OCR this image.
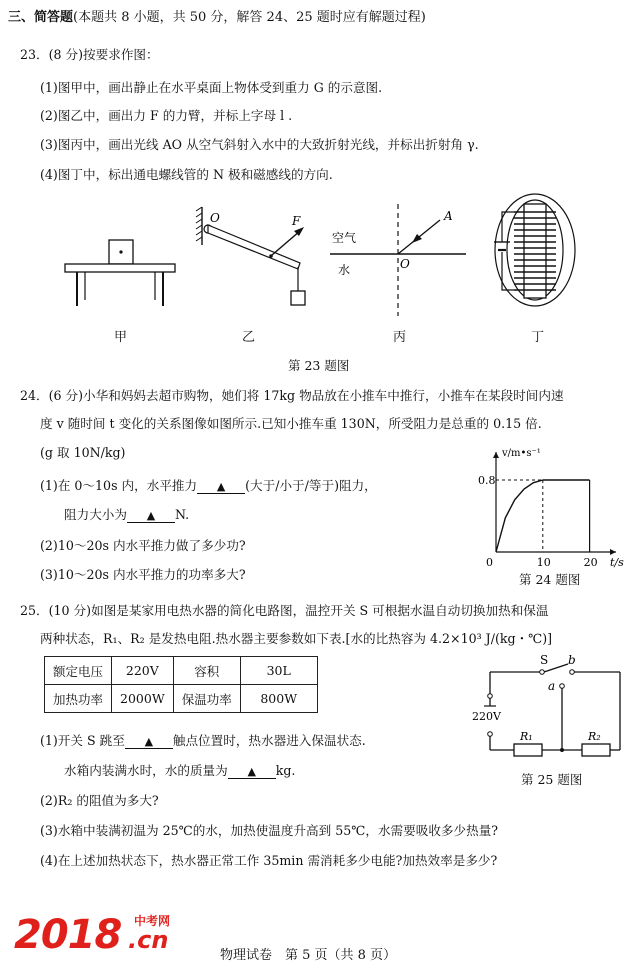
三、简答题(本题共 8 小题，共 50 分，解答 24、25 题时应有解题过程)
23．(8 分)按要求作图：
(1)图甲中，画出静止在水平桌面上物体受到重力 G 的示意图.
(2)图乙中，画出力 F 的力臂，并标上字母 l .
(3)图丙中，画出光线 AO 从空气斜射入水中的大致折射光线，并标出折射角 γ.
(4)图丁中，标出通电螺线管的 N 极和磁感线的方向.
O	F
空气
水
A
O
甲	乙	丙	丁
第 23 题图
24．(6 分)小华和妈妈去超市购物，她们将 17kg 物品放在小推车中推行，小推车在某段时间内速
度 v 随时间 t 变化的关系图像如图所示.已知小推车重 130N，所受阻力是总重的 0.15 倍.
(g 取 10N/kg)
(1)在 0～10s 内，水平推力 ▲ (大于/小于/等于)阻力，
阻力大小为 ▲ N.
(2)10～20s 内水平推力做了多少功?
(3)10～20s 内水平推力的功率多大?
0	10	20
0.8
v/m•s⁻¹
t/s
第 24 题图
25．(10 分)如图是某家用电热水器的简化电路图，温控开关 S 可根据水温自动切换加热和保温
两种状态，R₁、R₂ 是发热电阻.热水器主要参数如下表.[水的比热容为 4.2×10³ J/(kg・℃)]
额定电压	220V	容积	30L
加热功率	2000W	保温功率	800W
S b
a
220V
R₁	R₂
第 25 题图
(1)开关 S 跳至 ▲ 触点位置时，热水器进入保温状态.
水箱内装满水时，水的质量为 ▲ kg.
(2)R₂ 的阻值为多大?
(3)水箱中装满初温为 25℃的水，加热使温度升高到 55℃，水需要吸收多少热量?
(4)在上述加热状态下，热水器正常工作 35min 需消耗多少电能?加热效率是多少?
2018 中考网
.cn
物理试卷　第 5 页（共 8 页）
